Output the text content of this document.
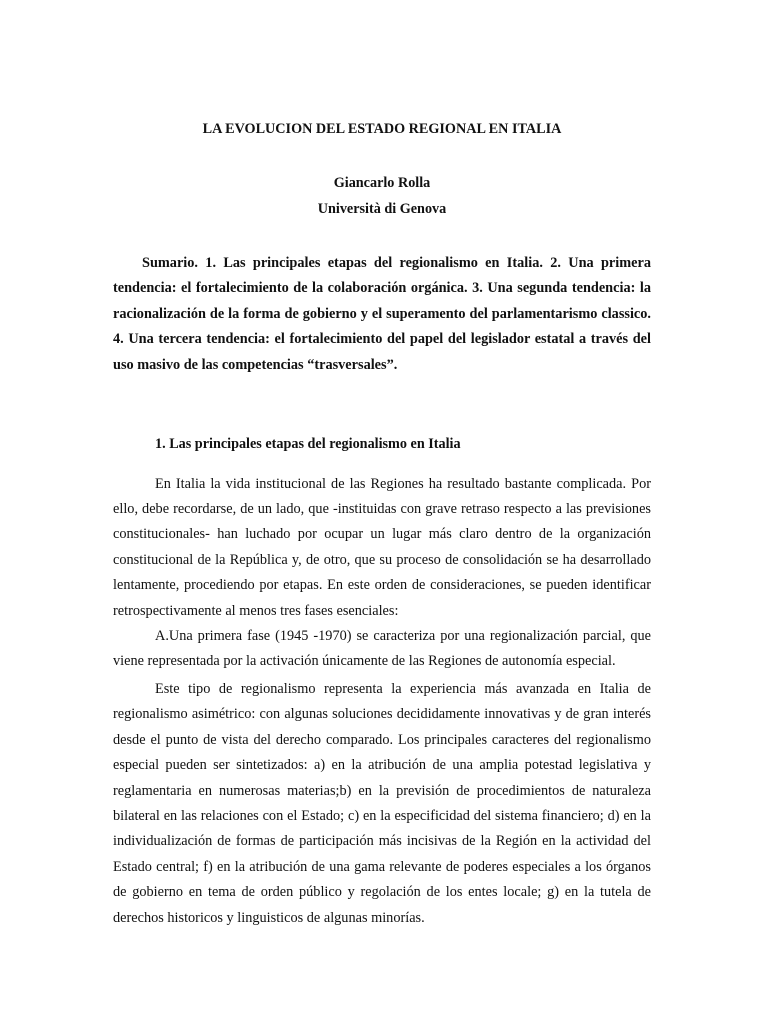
LA EVOLUCION DEL ESTADO REGIONAL EN ITALIA

Giancarlo Rolla

Università di Genova

Sumario. 1. Las principales etapas del regionalismo en Italia. 2. Una primera tendencia: el fortalecimiento de la colaboración orgánica. 3. Una segunda tendencia: la racionalización de la forma de gobierno y el superamento del parlamentarismo classico. 4. Una tercera tendencia: el fortalecimiento del papel del legislador estatal a través del uso masivo de las competencias “trasversales”.

1. Las principales etapas del regionalismo en Italia

En Italia la vida institucional de las Regiones ha resultado bastante complicada. Por ello, debe recordarse, de un lado, que -instituidas con grave retraso respecto a las previsiones constitucionales- han luchado por ocupar un lugar más claro dentro de la organización constitucional de la República y, de otro, que su proceso de consolidación se ha desarrollado lentamente, procediendo por etapas. En este orden de consideraciones, se pueden identificar retrospectivamente al menos tres fases esenciales:

A.Una primera fase (1945 -1970) se caracteriza por una regionalización parcial, que viene representada por la activación únicamente de las Regiones de autonomía especial.

Este tipo de regionalismo representa la experiencia más avanzada en Italia de regionalismo asimétrico: con algunas soluciones decididamente innovativas y de gran interés desde el punto de vista del derecho comparado. Los principales caracteres del regionalismo especial pueden ser sintetizados: a) en la atribución de una amplia potestad legislativa y reglamentaria en numerosas materias;b) en la previsión de procedimientos de naturaleza bilateral en las relaciones con el Estado; c) en la especificidad del sistema financiero; d) en la individualización de formas de participación más incisivas de la Región en la actividad del Estado central; f) en la atribución de una gama relevante de poderes especiales a los órganos de gobierno en tema de orden público y regolación de los entes locale; g) en la tutela de derechos historicos y linguisticos de algunas minorías.
